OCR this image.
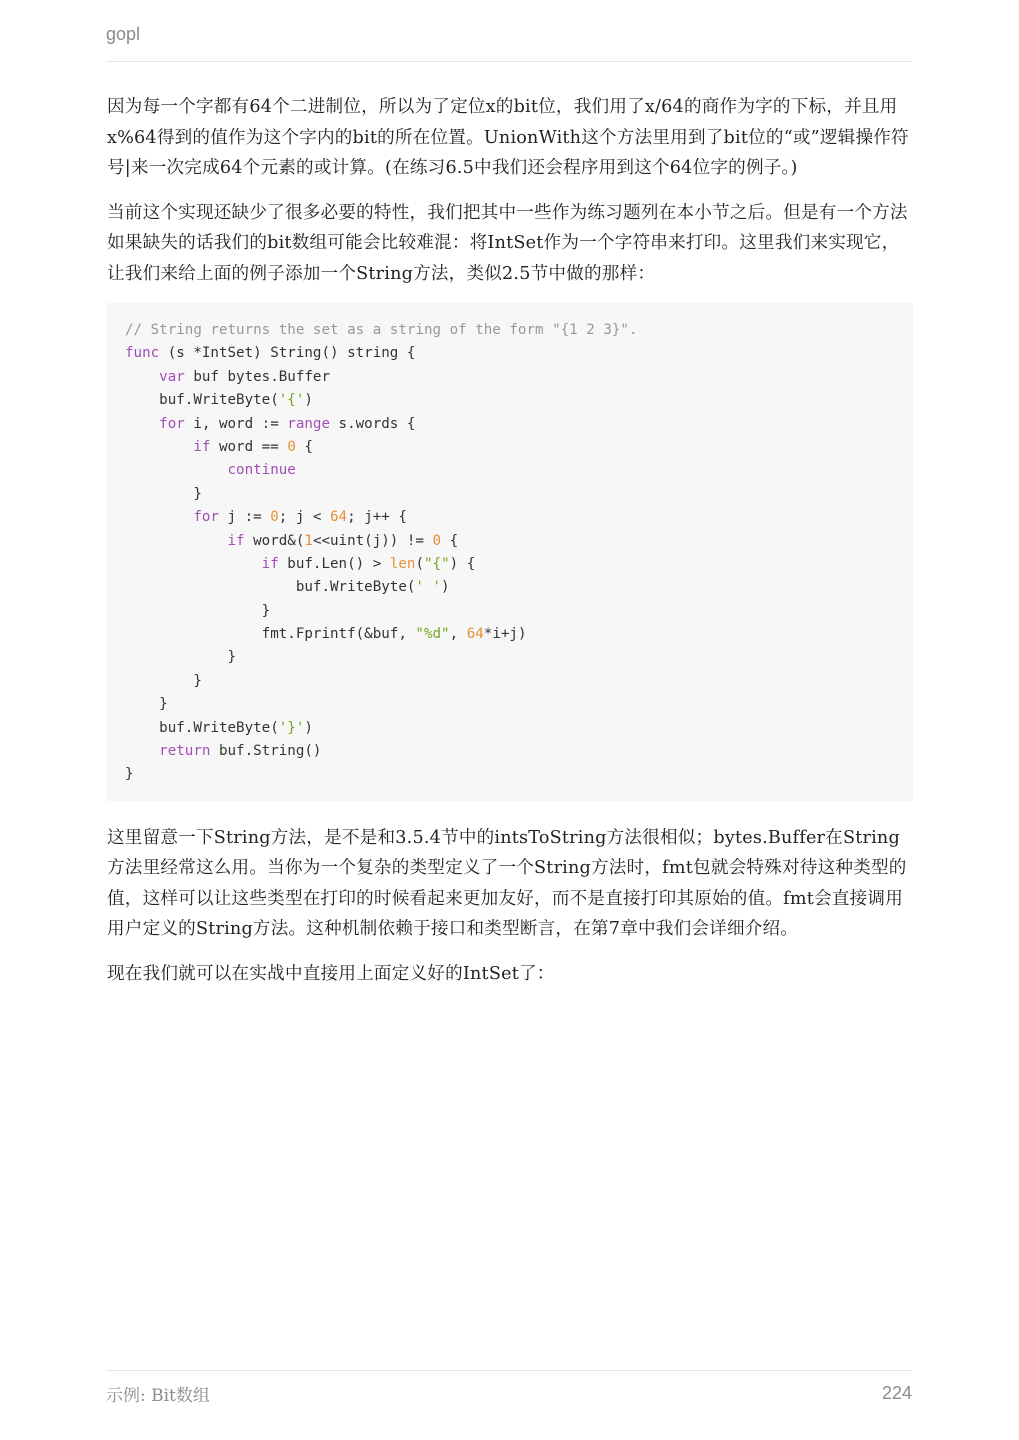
gopl

因为每一个字都有64个二进制位，所以为了定位x的bit位，我们用了x/64的商作为字的下标，并且用x%64得到的值作为这个字内的bit的所在位置。UnionWith这个方法里用到了bit位的“或”逻辑操作符号|来一次完成64个元素的或计算。(在练习6.5中我们还会程序用到这个64位字的例子。)

当前这个实现还缺少了很多必要的特性，我们把其中一些作为练习题列在本小节之后。但是有一个方法如果缺失的话我们的bit数组可能会比较难混：将IntSet作为一个字符串来打印。这里我们来实现它，让我们来给上面的例子添加一个String方法，类似2.5节中做的那样：

// String returns the set as a string of the form "{1 2 3}".
func (s *IntSet) String() string {
var buf bytes.Buffer
buf.WriteByte('{')
for i, word := range s.words {
if word == 0 {
continue
}
for j := 0; j < 64; j++ {
if word&(1<<uint(j)) != 0 {
if buf.Len() > len("{") {
buf.WriteByte(' ')
}
fmt.Fprintf(&buf, "%d", 64*i+j)
}
}
}
buf.WriteByte('}')
return buf.String()
}

这里留意一下String方法，是不是和3.5.4节中的intsToString方法很相似；bytes.Buffer在String方法里经常这么用。当你为一个复杂的类型定义了一个String方法时，fmt包就会特殊对待这种类型的值，这样可以让这些类型在打印的时候看起来更加友好，而不是直接打印其原始的值。fmt会直接调用用户定义的String方法。这种机制依赖于接口和类型断言，在第7章中我们会详细介绍。

现在我们就可以在实战中直接用上面定义好的IntSet了：

示例: Bit数组	224
